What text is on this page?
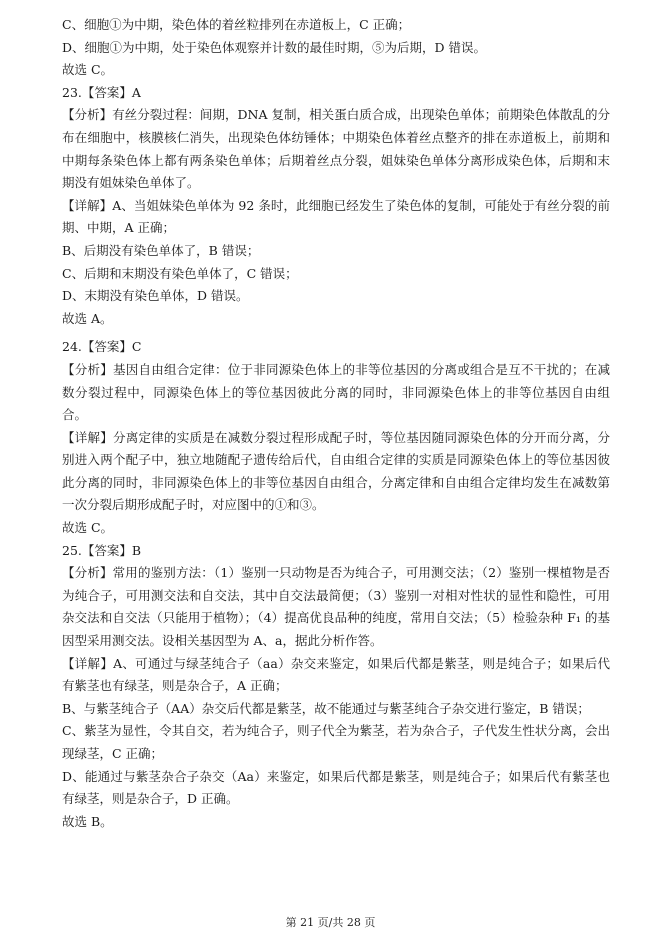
C、细胞①为中期，染色体的着丝粒排列在赤道板上，C 正确；

D、细胞①为中期，处于染色体观察并计数的最佳时期，⑤为后期，D 错误。

故选 C。

23.【答案】A

【分析】有丝分裂过程：间期，DNA 复制，相关蛋白质合成，出现染色单体；前期染色体散乱的分布在细胞中，核膜核仁消失，出现染色体纺锤体；中期染色体着丝点整齐的排在赤道板上，前期和中期每条染色体上都有两条染色单体；后期着丝点分裂，姐妹染色单体分离形成染色体，后期和末期没有姐妹染色单体了。

【详解】A、当姐妹染色单体为 92 条时，此细胞已经发生了染色体的复制，可能处于有丝分裂的前期、中期，A 正确；

B、后期没有染色单体了，B 错误；

C、后期和末期没有染色单体了，C 错误；

D、末期没有染色单体，D 错误。

故选 A。

24.【答案】C

【分析】基因自由组合定律：位于非同源染色体上的非等位基因的分离或组合是互不干扰的；在减数分裂过程中，同源染色体上的等位基因彼此分离的同时，非同源染色体上的非等位基因自由组合。

【详解】分离定律的实质是在减数分裂过程形成配子时，等位基因随同源染色体的分开而分离，分别进入两个配子中，独立地随配子遗传给后代，自由组合定律的实质是同源染色体上的等位基因彼此分离的同时，非同源染色体上的非等位基因自由组合，分离定律和自由组合定律均发生在减数第一次分裂后期形成配子时，对应图中的①和③。

故选 C。

25.【答案】B

【分析】常用的鉴别方法：（1）鉴别一只动物是否为纯合子，可用测交法；（2）鉴别一棵植物是否为纯合子，可用测交法和自交法，其中自交法最简便；（3）鉴别一对相对性状的显性和隐性，可用杂交法和自交法（只能用于植物）；（4）提高优良品种的纯度，常用自交法；（5）检验杂种 F₁ 的基因型采用测交法。设相关基因型为 A、a，据此分析作答。

【详解】A、可通过与绿茎纯合子（aa）杂交来鉴定，如果后代都是紫茎，则是纯合子；如果后代有紫茎也有绿茎，则是杂合子，A 正确；

B、与紫茎纯合子（AA）杂交后代都是紫茎，故不能通过与紫茎纯合子杂交进行鉴定，B 错误；

C、紫茎为显性，令其自交，若为纯合子，则子代全为紫茎，若为杂合子，子代发生性状分离，会出现绿茎，C 正确；

D、能通过与紫茎杂合子杂交（Aa）来鉴定，如果后代都是紫茎，则是纯合子；如果后代有紫茎也有绿茎，则是杂合子，D 正确。

故选 B。

第 21 页/共 28 页
